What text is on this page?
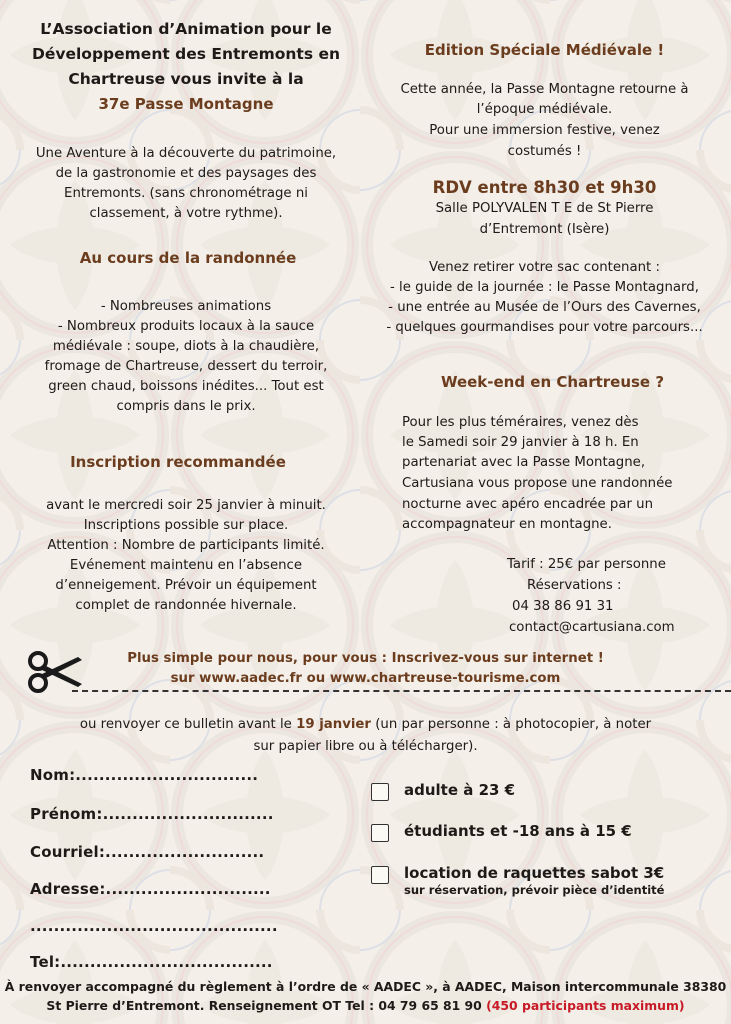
L’Association d’Animation pour le
Développement des Entremonts en
Chartreuse vous invite à la
37e Passe Montagne
Une Aventure à la découverte du patrimoine,
de la gastronomie et des paysages des
Entremonts. (sans chronométrage ni
classement, à votre rythme).
Au cours de la randonnée
- Nombreuses animations
- Nombreux produits locaux à la sauce
médiévale : soupe, diots à la chaudière,
fromage de Chartreuse, dessert du terroir,
green chaud, boissons inédites... Tout est
compris dans le prix.
Inscription recommandée
avant le mercredi soir 25 janvier à minuit.
Inscriptions possible sur place.
Attention : Nombre de participants limité.
Evénement maintenu en l’absence
d’enneigement. Prévoir un équipement
complet de randonnée hivernale.
Edition Spéciale Médiévale !
Cette année, la Passe Montagne retourne à
l’époque médiévale.
Pour une immersion festive, venez
costumés !
RDV entre 8h30 et 9h30
Salle POLYVALEN T E de St Pierre
d’Entremont (Isère)
Venez retirer votre sac contenant :
- le guide de la journée : le Passe Montagnard,
- une entrée au Musée de l’Ours des Cavernes,
- quelques gourmandises pour votre parcours...
Week-end en Chartreuse ?
Pour les plus téméraires, venez dès
le Samedi soir 29 janvier à 18 h. En
partenariat avec la Passe Montagne,
Cartusiana vous propose une randonnée
nocturne avec apéro encadrée par un
accompagnateur en montagne.
Tarif : 25€ par personne
Réservations :
04 38 86 91 31
contact@cartusiana.com
Plus simple pour nous, pour vous : Inscrivez-vous sur internet !
sur www.aadec.fr ou www.chartreuse-tourisme.com
ou renvoyer ce bulletin avant le 19 janvier (un par personne : à photocopier, à noter
sur papier libre ou à télécharger).
Nom:...............................
Prénom:.............................
Courriel:...........................
Adresse:............................
..........................................
Tel:....................................
adulte à 23 €
étudiants et -18 ans à 15 €
location de raquettes sabot 3€
sur réservation, prévoir pièce d’identité
À renvoyer accompagné du règlement à l’ordre de « AADEC », à AADEC, Maison intercommunale 38380
St Pierre d’Entremont. Renseignement OT Tel : 04 79 65 81 90 (450 participants maximum)
